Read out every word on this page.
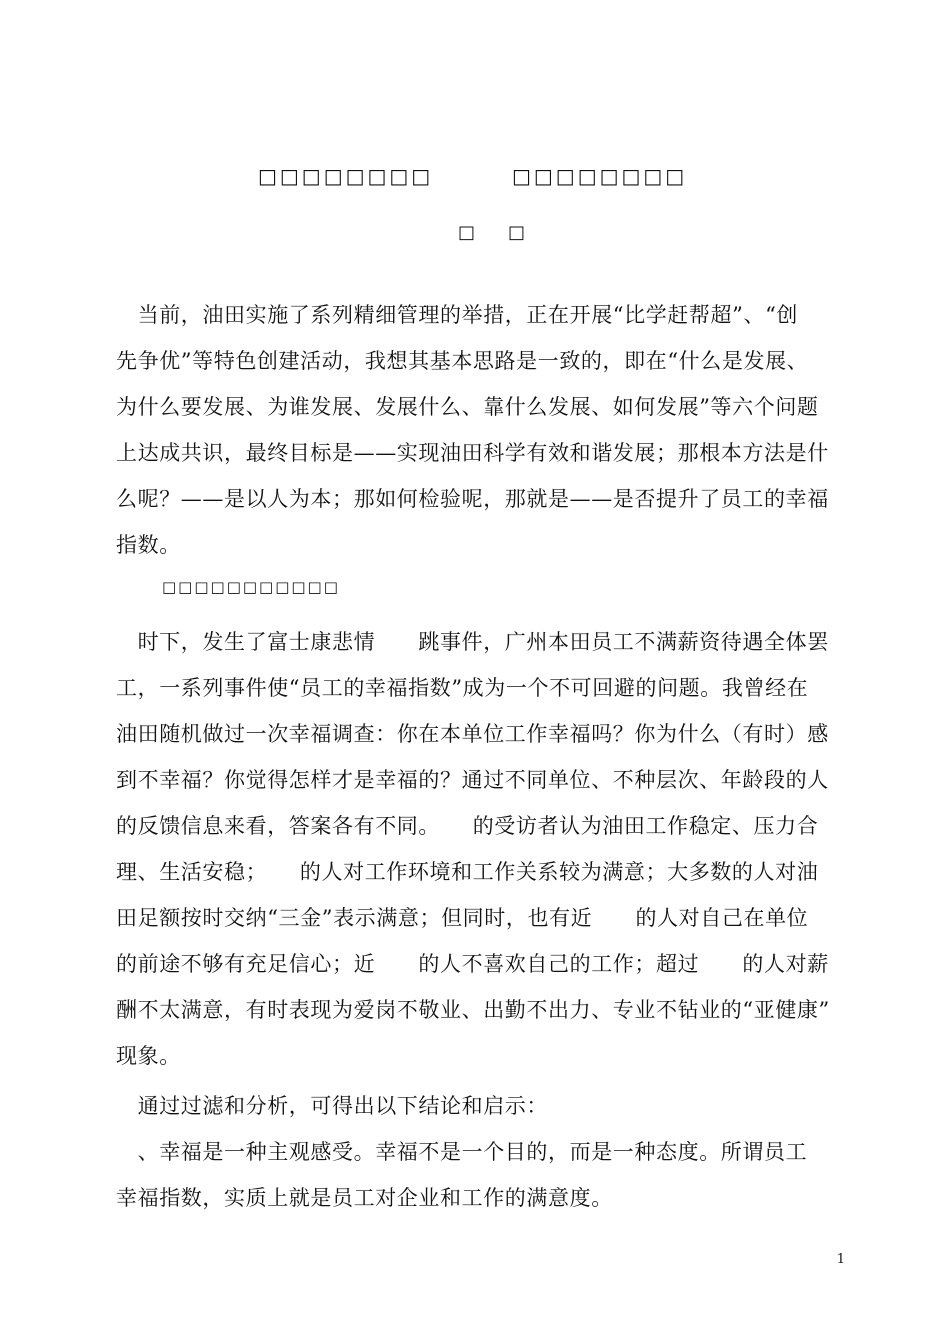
□□□□□□□□	□□□□□□□□
□ □
　当前，油田实施了系列精细管理的举措，正在开展“比学赶帮超”、“创
先争优”等特色创建活动，我想其基本思路是一致的，即在“什么是发展、
为什么要发展、为谁发展、发展什么、靠什么发展、如何发展”等六个问题
上达成共识，最终目标是——实现油田科学有效和谐发展；那根本方法是什
么呢？——是以人为本；那如何检验呢，那就是——是否提升了员工的幸福
指数。
□□□□□□□□□□□
　时下，发生了富士康悲情　　跳事件，广州本田员工不满薪资待遇全体罢
工，一系列事件使“员工的幸福指数”成为一个不可回避的问题。我曾经在
油田随机做过一次幸福调查：你在本单位工作幸福吗？你为什么（有时）感
到不幸福？你觉得怎样才是幸福的？通过不同单位、不种层次、年龄段的人
的反馈信息来看，答案各有不同。　　的受访者认为油田工作稳定、压力合
理、生活安稳；　　的人对工作环境和工作关系较为满意；大多数的人对油
田足额按时交纳“三金”表示满意；但同时，也有近　　的人对自己在单位
的前途不够有充足信心；近　　的人不喜欢自己的工作；超过　　的人对薪
酬不太满意，有时表现为爱岗不敬业、出勤不出力、专业不钻业的“亚健康”
现象。
　通过过滤和分析，可得出以下结论和启示：
　、幸福是一种主观感受。幸福不是一个目的，而是一种态度。所谓员工
幸福指数，实质上就是员工对企业和工作的满意度。
1
